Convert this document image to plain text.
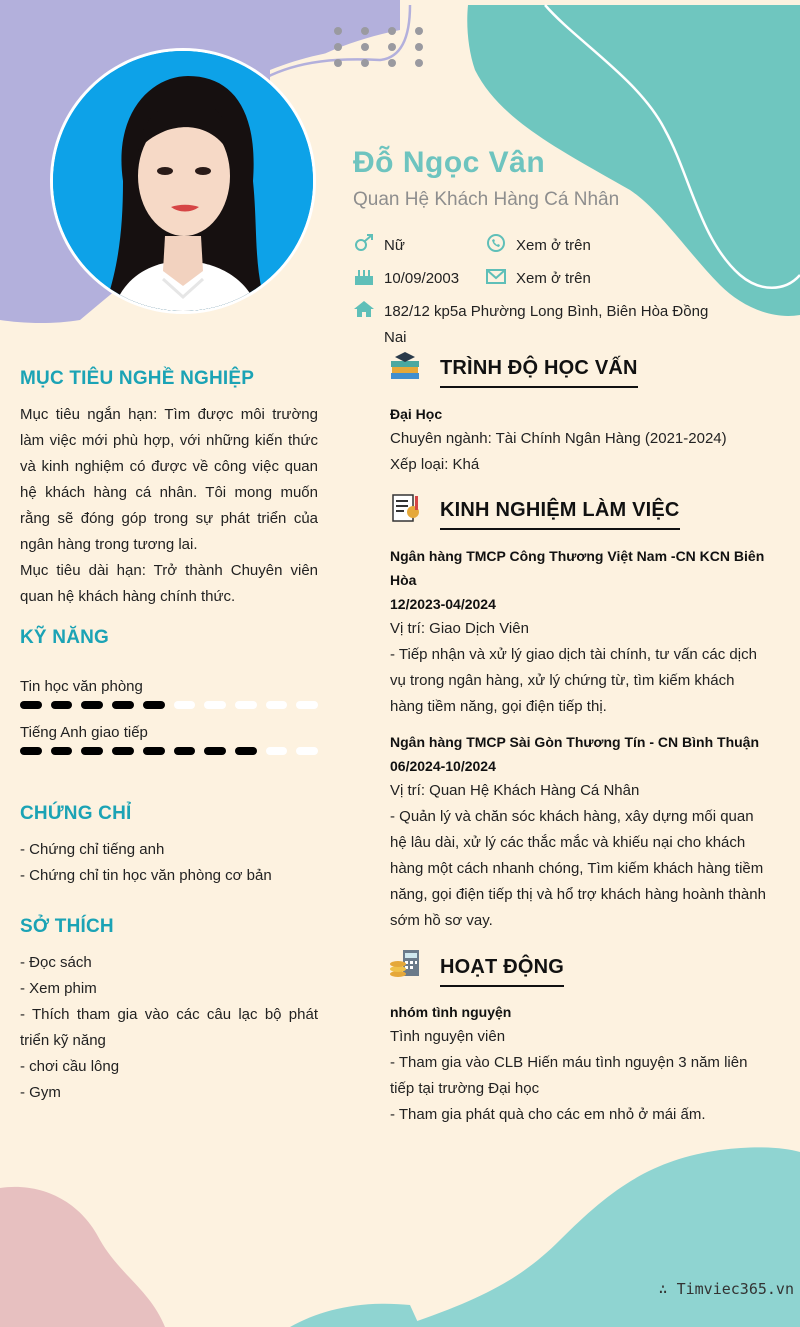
Đỗ Ngọc Vân
Quan Hệ Khách Hàng Cá Nhân
Nữ	Xem ở trên
10/09/2003	Xem ở trên
182/12 kp5a Phường Long Bình, Biên Hòa Đồng Nai
MỤC TIÊU NGHỀ NGHIỆP
Mục tiêu ngắn hạn: Tìm được môi trường làm việc mới phù hợp, với những kiến thức và kinh nghiệm có được về công việc quan hệ khách hàng cá nhân. Tôi mong muốn rằng sẽ đóng góp trong sự phát triển của ngân hàng trong tương lai.
Mục tiêu dài hạn: Trở thành Chuyên viên quan hệ khách hàng chính thức.
KỸ NĂNG
Tin học văn phòng
Tiếng Anh giao tiếp
CHỨNG CHỈ
- Chứng chỉ tiếng anh
- Chứng chỉ tin học văn phòng cơ bản
SỞ THÍCH
- Đọc sách
- Xem phim
- Thích tham gia vào các câu lạc bộ phát triển kỹ năng
- chơi cầu lông
- Gym
TRÌNH ĐỘ HỌC VẤN
Đại Học
Chuyên ngành: Tài Chính Ngân Hàng (2021-2024)
Xếp loại: Khá
KINH NGHIỆM LÀM VIỆC
Ngân hàng TMCP Công Thương Việt Nam -CN KCN Biên Hòa
12/2023-04/2024
Vị trí: Giao Dịch Viên
- Tiếp nhận và xử lý giao dịch tài chính, tư vấn các dịch vụ trong ngân hàng, xử lý chứng từ, tìm kiếm khách hàng tiềm năng, gọi điện tiếp thị.
Ngân hàng TMCP Sài Gòn Thương Tín - CN Bình Thuận
06/2024-10/2024
Vị trí: Quan Hệ Khách Hàng Cá Nhân
- Quản lý và chăn sóc khách hàng, xây dựng mối quan hệ lâu dài, xử lý các thắc mắc và khiếu nại cho khách hàng một cách nhanh chóng, Tìm kiếm khách hàng tiềm năng, gọi điện tiếp thị và hổ trợ khách hàng hoành thành sớm hồ sơ vay.
HOẠT ĐỘNG
nhóm tình nguyện
Tình nguyện viên
- Tham gia vào CLB Hiến máu tình nguyện 3 năm liên tiếp tại trường Đại học
- Tham gia phát quà cho các em nhỏ ở mái ấm.
∴ Timviec365.vn
